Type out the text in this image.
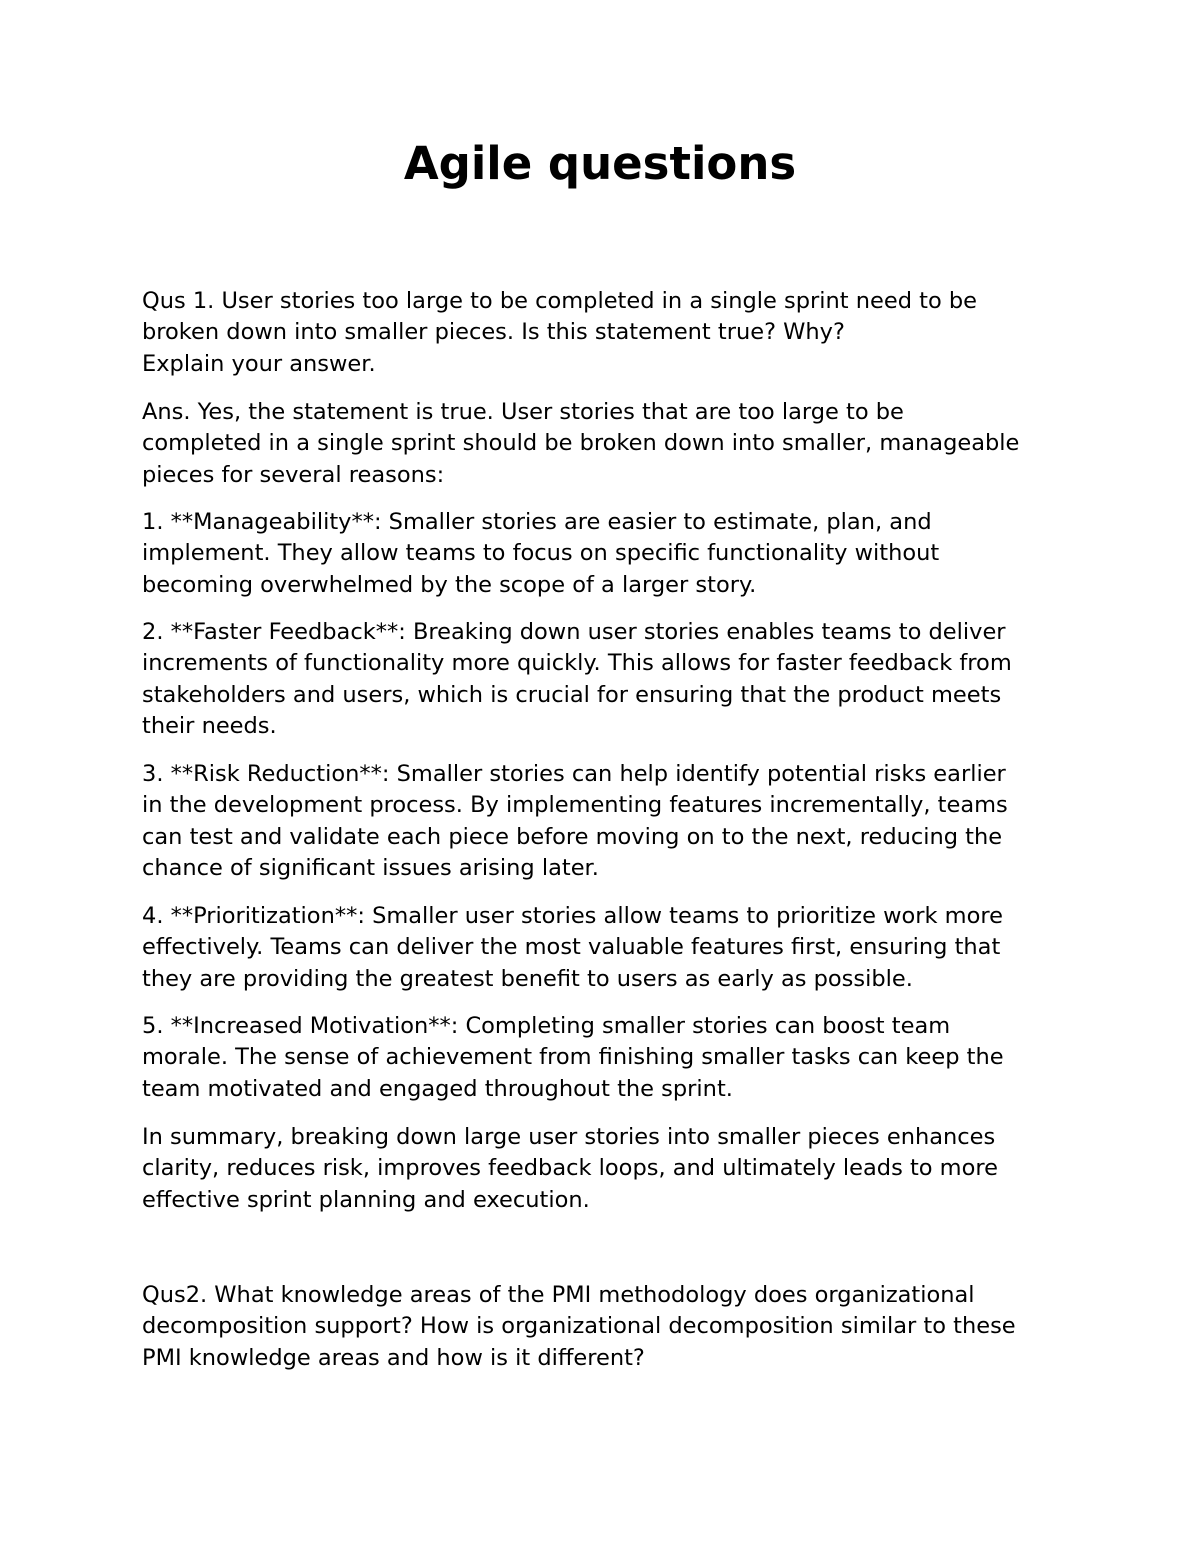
Agile questions
Qus 1. User stories too large to be completed in a single sprint need to be
broken down into smaller pieces. Is this statement true? Why?
Explain your answer.
Ans. Yes, the statement is true. User stories that are too large to be
completed in a single sprint should be broken down into smaller, manageable
pieces for several reasons:
1. **Manageability**: Smaller stories are easier to estimate, plan, and
implement. They allow teams to focus on specific functionality without
becoming overwhelmed by the scope of a larger story.
2. **Faster Feedback**: Breaking down user stories enables teams to deliver
increments of functionality more quickly. This allows for faster feedback from
stakeholders and users, which is crucial for ensuring that the product meets
their needs.
3. **Risk Reduction**: Smaller stories can help identify potential risks earlier
in the development process. By implementing features incrementally, teams
can test and validate each piece before moving on to the next, reducing the
chance of significant issues arising later.
4. **Prioritization**: Smaller user stories allow teams to prioritize work more
effectively. Teams can deliver the most valuable features first, ensuring that
they are providing the greatest benefit to users as early as possible.
5. **Increased Motivation**: Completing smaller stories can boost team
morale. The sense of achievement from finishing smaller tasks can keep the
team motivated and engaged throughout the sprint.
In summary, breaking down large user stories into smaller pieces enhances
clarity, reduces risk, improves feedback loops, and ultimately leads to more
effective sprint planning and execution.
Qus2. What knowledge areas of the PMI methodology does organizational
decomposition support? How is organizational decomposition similar to these
PMI knowledge areas and how is it different?
